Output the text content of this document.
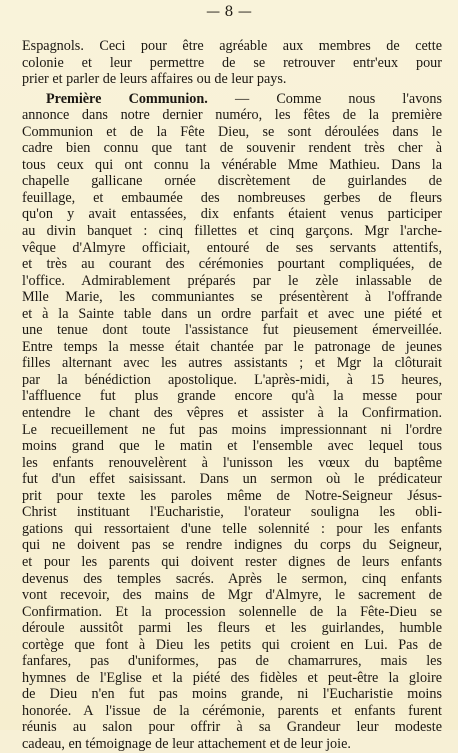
— 8 —
Espagnols. Ceci pour être agréable aux membres de cette
colonie et leur permettre de se retrouver entr'eux pour
prier et parler de leurs affaires ou de leur pays.
Première Communion. — Comme nous l'avons
annonce dans notre dernier numéro, les fêtes de la première
Communion et de la Fête Dieu, se sont déroulées dans le
cadre bien connu que tant de souvenir rendent très cher à
tous ceux qui ont connu la vénérable Mme Mathieu. Dans la
chapelle gallicane ornée discrètement de guirlandes de
feuillage, et embaumée des nombreuses gerbes de fleurs
qu'on y avait entassées, dix enfants étaient venus participer
au divin banquet : cinq fillettes et cinq garçons. Mgr l'arche-
vêque d'Almyre officiait, entouré de ses servants attentifs,
et très au courant des cérémonies pourtant compliquées, de
l'office. Admirablement préparés par le zèle inlassable de
Mlle Marie, les communiantes se présentèrent à l'offrande
et à la Sainte table dans un ordre parfait et avec une piété et
une tenue dont toute l'assistance fut pieusement émerveillée.
Entre temps la messe était chantée par le patronage de jeunes
filles alternant avec les autres assistants ; et Mgr la clôturait
par la bénédiction apostolique. L'après-midi, à 15 heures,
l'affluence fut plus grande encore qu'à la messe pour
entendre le chant des vêpres et assister à la Confirmation.
Le recueillement ne fut pas moins impressionnant ni l'ordre
moins grand que le matin et l'ensemble avec lequel tous
les enfants renouvelèrent à l'unisson les vœux du baptême
fut d'un effet saisissant. Dans un sermon où le prédicateur
prit pour texte les paroles même de Notre-Seigneur Jésus-
Christ instituant l'Eucharistie, l'orateur souligna les obli-
gations qui ressortaient d'une telle solennité : pour les enfants
qui ne doivent pas se rendre indignes du corps du Seigneur,
et pour les parents qui doivent rester dignes de leurs enfants
devenus des temples sacrés. Après le sermon, cinq enfants
vont recevoir, des mains de Mgr d'Almyre, le sacrement de
Confirmation. Et la procession solennelle de la Fête-Dieu se
déroule aussitôt parmi les fleurs et les guirlandes, humble
cortège que font à Dieu les petits qui croient en Lui. Pas de
fanfares, pas d'uniformes, pas de chamarrures, mais les
hymnes de l'Eglise et la piété des fidèles et peut-être la gloire
de Dieu n'en fut pas moins grande, ni l'Eucharistie moins
honorée. A l'issue de la cérémonie, parents et enfants furent
réunis au salon pour offrir à sa Grandeur leur modeste
cadeau, en témoignage de leur attachement et de leur joie.
